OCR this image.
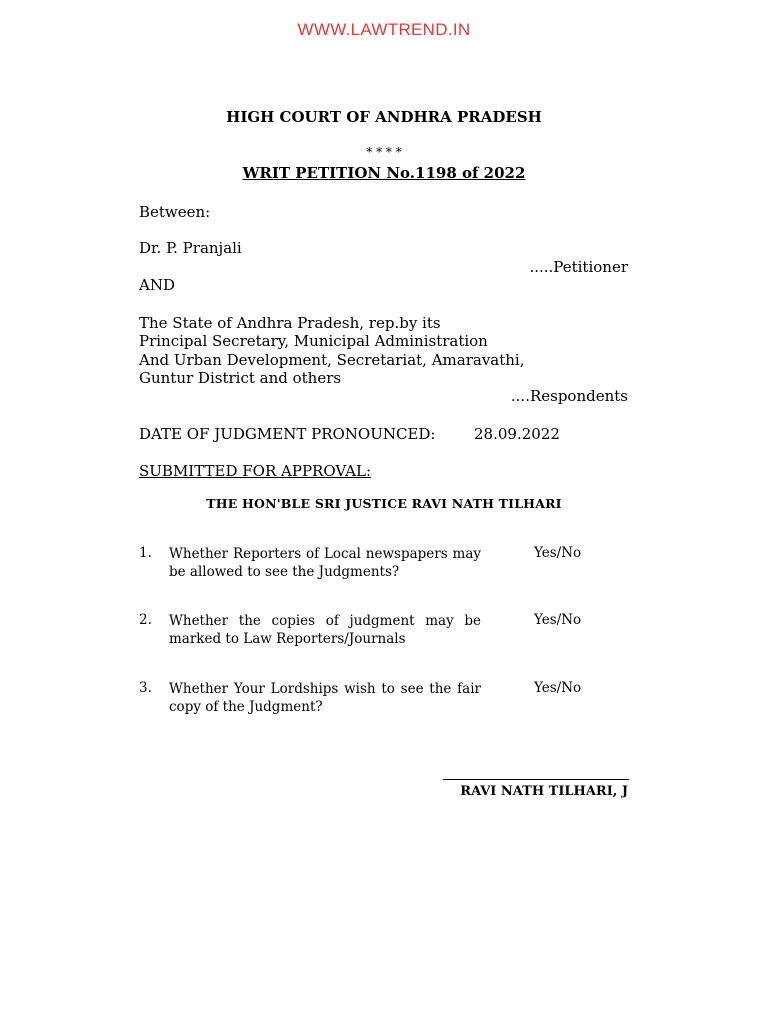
WWW.LAWTREND.IN
HIGH COURT OF ANDHRA PRADESH
* * * *
WRIT PETITION No.1198 of 2022
Between:
Dr. P. Pranjali
.....Petitioner
AND
The State of Andhra Pradesh, rep.by its
Principal Secretary, Municipal Administration
And Urban Development, Secretariat, Amaravathi,
Guntur District and others
....Respondents
DATE OF JUDGMENT PRONOUNCED:	28.09.2022
SUBMITTED FOR APPROVAL:
THE HON'BLE SRI JUSTICE RAVI NATH TILHARI
1. Whether Reporters of Local newspapers may be allowed to see the Judgments?
Yes/No
2. Whether the copies of judgment may be marked to Law Reporters/Journals
Yes/No
3. Whether Your Lordships wish to see the fair copy of the Judgment?
Yes/No
RAVI NATH TILHARI, J
